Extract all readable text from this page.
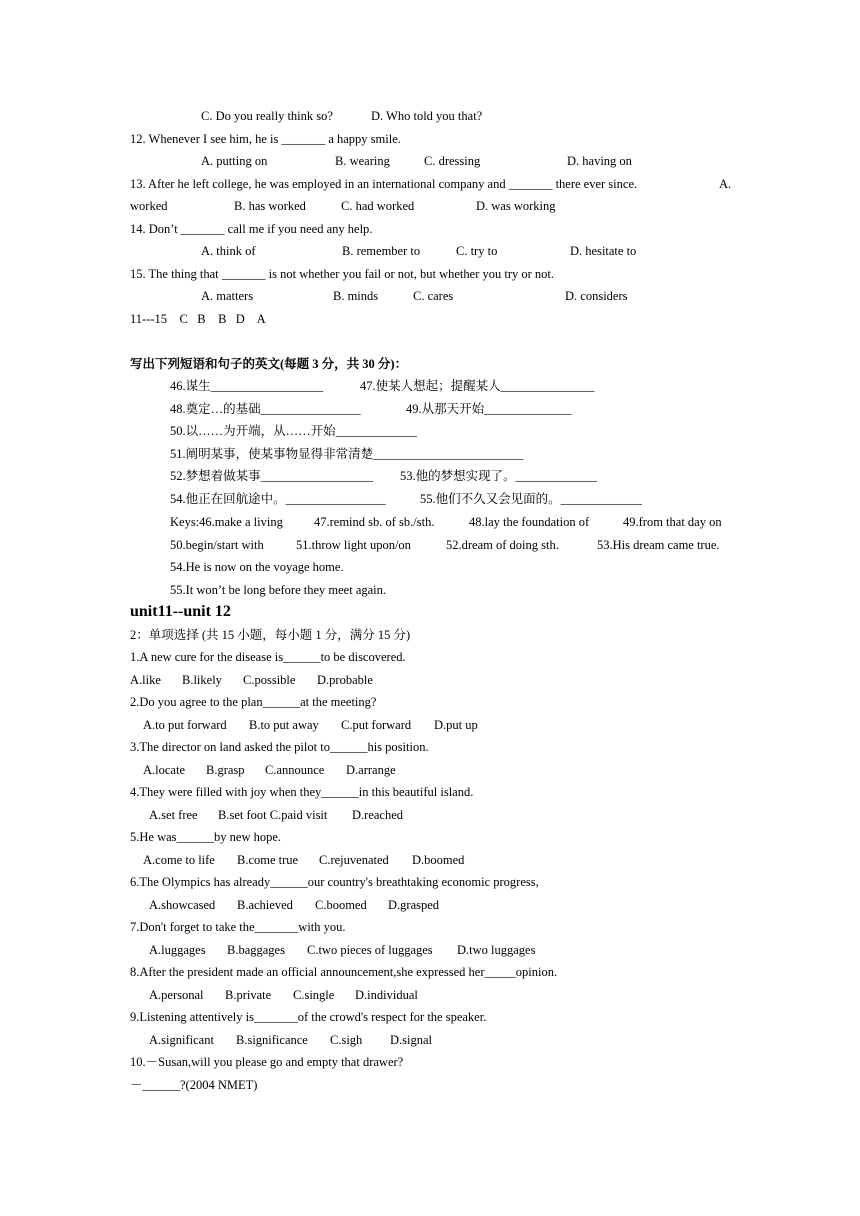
C. Do you really think so?	D. Who told you that?
12. Whenever I see him, he is _______ a happy smile.
A. putting on	B. wearing	C. dressing	D. having on
13. After he left college, he was employed in an international company and _______ there ever since.	A.
worked	B. has worked	C. had worked	D. was working
14. Don’t _______ call me if you need any help.
A. think of	B. remember to	C. try to	D. hesitate to
15. The thing that _______ is not whether you fail or not, but whether you try or not.
A. matters	B. minds	C. cares	D. considers
11---15    C   B    B   D    A
写出下列短语和句子的英文(每题 3 分，共 30 分)：
46.谋生__________________	47.使某人想起；提醒某人_______________
48.奠定…的基础________________	49.从那天开始______________
50.以……为开端，从……开始_____________
51.阐明某事，使某事物显得非常清楚________________________
52.梦想着做某事__________________ 53.他的梦想实现了。_____________
54.他正在回航途中。________________	55.他们不久又会见面的。_____________
Keys:46.make a living 47.remind sb. of sb./sth.	48.lay the foundation of	49.from that day on
50.begin/start with	51.throw light upon/on	52.dream of doing sth.	53.His dream came true.
54.He is now on the voyage home.
55.It won’t be long before they meet again.
unit11--unit 12
2：单项选择 (共 15 小题，每小题 1 分，满分 15 分)
1.A new cure for the disease is______to be discovered.
A.like B.likely C.possible D.probable
2.Do you agree to the plan______at the meeting?
A.to put forward B.to put away C.put forward D.put up
3.The director on land asked the pilot to______his position.
A.locate B.grasp C.announce D.arrange
4.They were filled with joy when they______in this beautiful island.
A.set free B.set foot C.paid visit D.reached
5.He was______by new hope.
A.come to life B.come true C.rejuvenated D.boomed
6.The Olympics has already______our country's breathtaking economic progress,
A.showcased B.achieved C.boomed D.grasped
7.Don't forget to take the_______with you.
A.luggages B.baggages C.two pieces of luggages D.two luggages
8.After the president made an official announcement,she expressed her_____opinion.
A.personal B.private C.single D.individual
9.Listening attentively is_______of the crowd's respect for the speaker.
A.significant B.significance C.sigh D.signal
10.－Susan,will you please go and empty that drawer?
－______?(2004 NMET)
